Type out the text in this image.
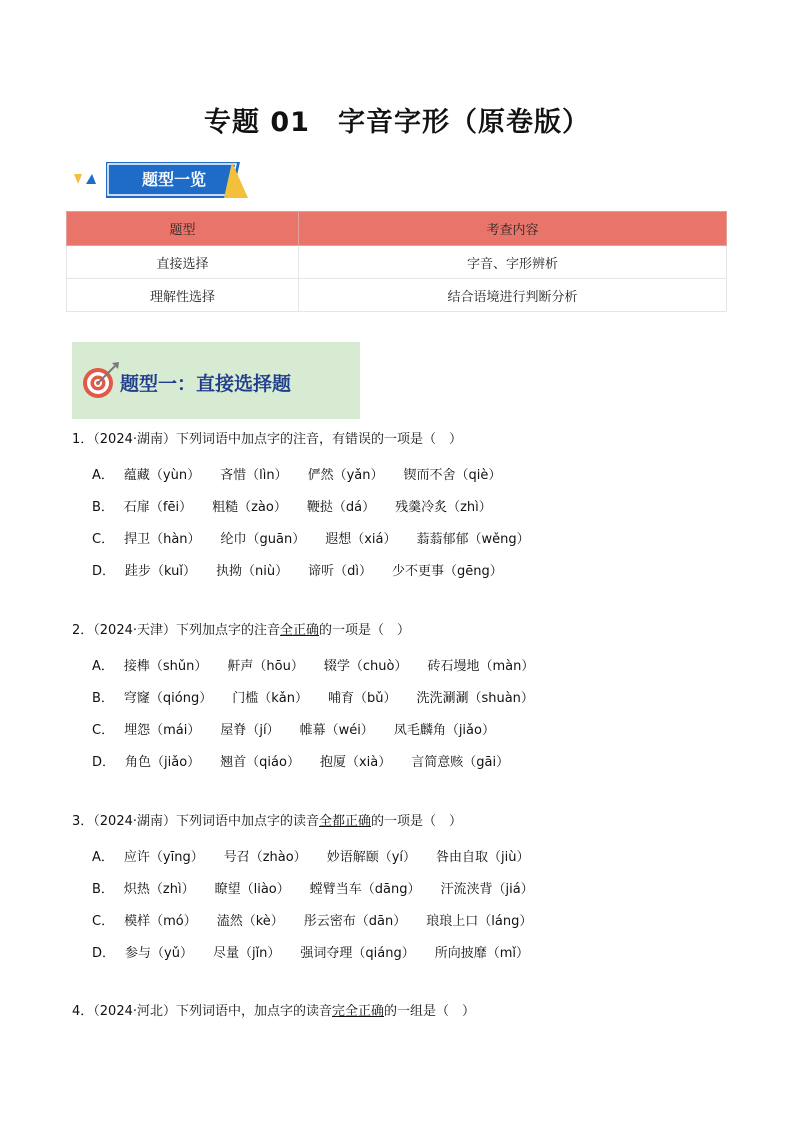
专题 01　字音字形（原卷版）
题型一览
题型	考查内容
直接选择	字音、字形辨析
理解性选择	结合语境进行判断分析
题型一：直接选择题
1．（2024·湖南）下列词语中加点字的注音，有错误的一项是（　）
A． 蕴藏（yùn） 吝惜（lìn） 俨然（yǎn） 锲而不舍（qiè）
B． 石扉（fēi） 粗糙（zào） 鞭挞（dá） 残羹冷炙（zhì）
C． 捍卫（hàn） 纶巾（guān） 遐想（xiá） 蓊蓊郁郁（wěng）
D． 跬步（kuǐ） 执拗（niù） 谛听（dì） 少不更事（gēng）
2．（2024·天津）下列加点字的注音全正确的一项是（　）
A． 接榫（shǔn） 鼾声（hōu） 辍学（chuò） 砖石墁地（màn）
B． 穹窿（qióng） 门槛（kǎn） 哺育（bǔ） 洗洗涮涮（shuàn）
C． 埋怨（mái） 屋脊（jí） 帷幕（wéi） 凤毛麟角（jiǎo）
D． 角色（jiǎo） 翘首（qiáo） 抱厦（xià） 言简意赅（gāi）
3．（2024·湖南）下列词语中加点字的读音全都正确的一项是（　）
A． 应许（yīng） 号召（zhào） 妙语解颐（yí） 咎由自取（jiù）
B． 炽热（zhì） 瞭望（liào） 螳臂当车（dāng） 汗流浃背（jiá）
C． 模样（mó） 溘然（kè） 彤云密布（dān） 琅琅上口（láng）
D． 参与（yǔ） 尽量（jǐn） 强词夺理（qiáng） 所向披靡（mǐ）
4．（2024·河北）下列词语中，加点字的读音完全正确的一组是（　）
